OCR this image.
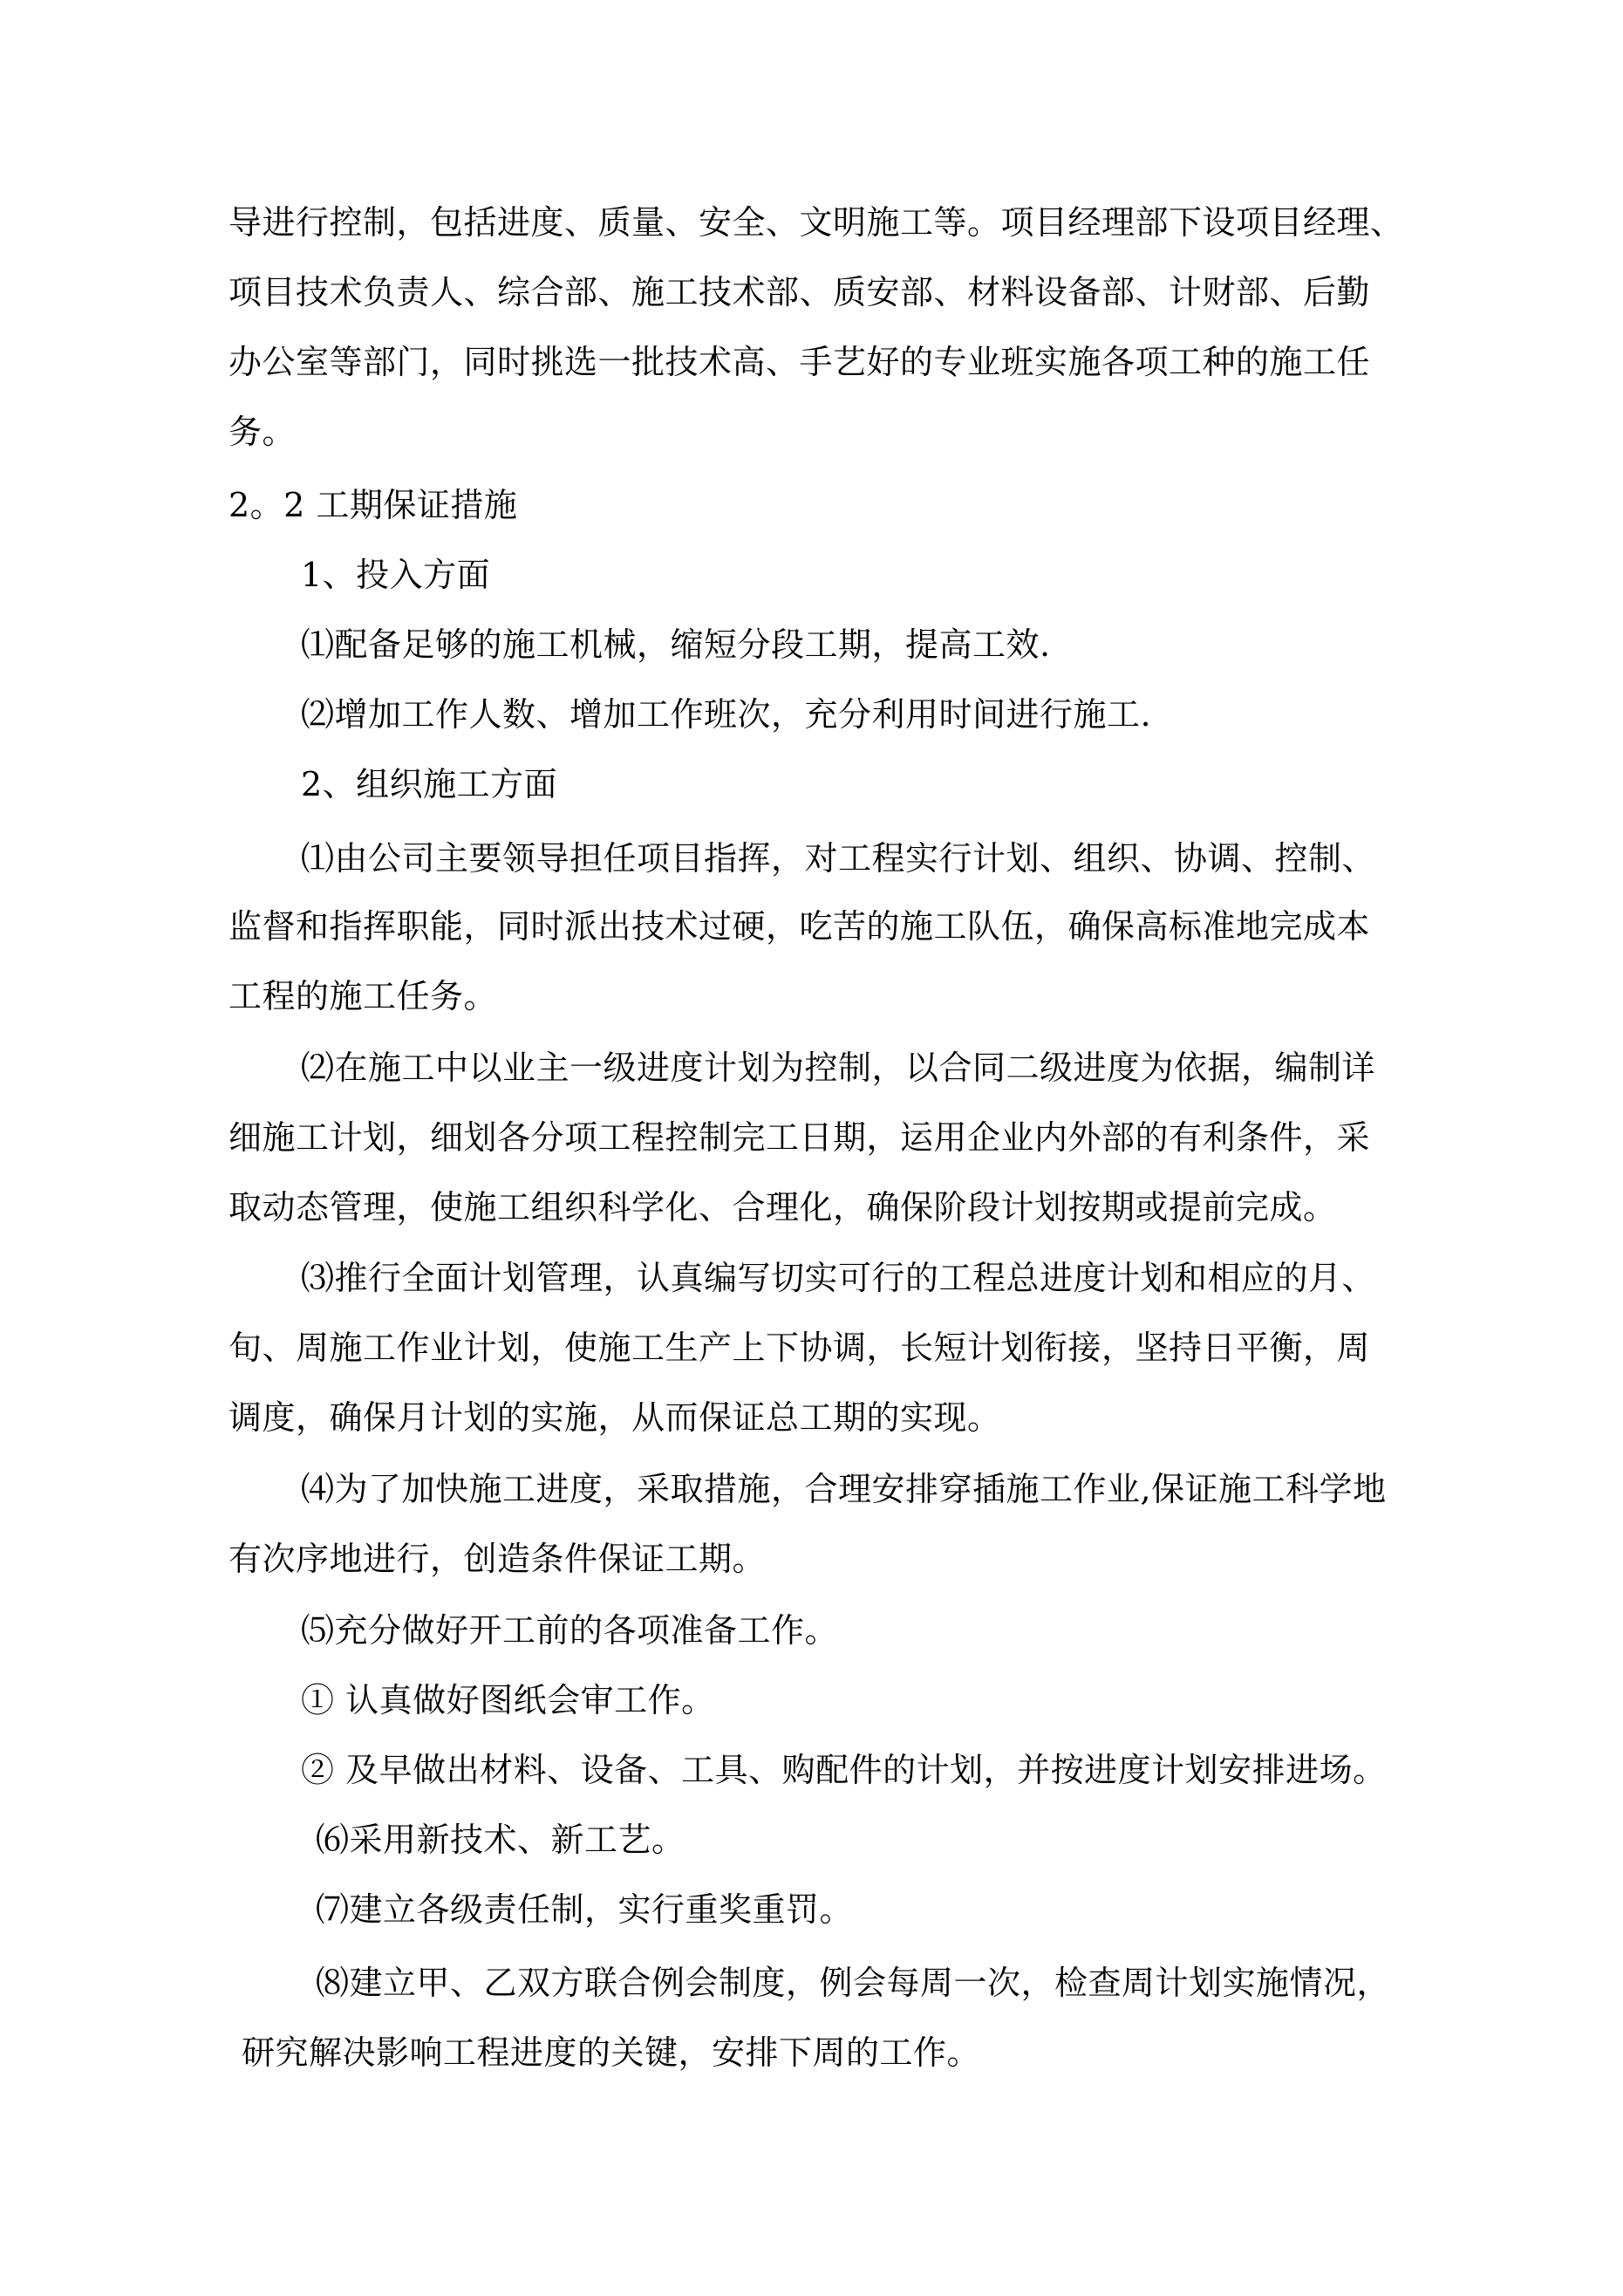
导进行控制，包括进度、质量、安全、文明施工等。项目经理部下设项目经理、
项目技术负责人、综合部、施工技术部、质安部、材料设备部、计财部、后勤
办公室等部门，同时挑选一批技术高、手艺好的专业班实施各项工种的施工任
务。
2。2 工期保证措施
1、投入方面
⑴配备足够的施工机械，缩短分段工期，提高工效.
⑵增加工作人数、增加工作班次，充分利用时间进行施工.
2、组织施工方面
⑴由公司主要领导担任项目指挥，对工程实行计划、组织、协调、控制、
监督和指挥职能，同时派出技术过硬，吃苦的施工队伍，确保高标准地完成本
工程的施工任务。
⑵在施工中以业主一级进度计划为控制，以合同二级进度为依据，编制详
细施工计划，细划各分项工程控制完工日期，运用企业内外部的有利条件，采
取动态管理，使施工组织科学化、合理化，确保阶段计划按期或提前完成。
⑶推行全面计划管理，认真编写切实可行的工程总进度计划和相应的月、
旬、周施工作业计划，使施工生产上下协调，长短计划衔接，坚持日平衡，周
调度，确保月计划的实施，从而保证总工期的实现。
⑷为了加快施工进度，采取措施，合理安排穿插施工作业,保证施工科学地
有次序地进行，创造条件保证工期。
⑸充分做好开工前的各项准备工作。
① 认真做好图纸会审工作。
② 及早做出材料、设备、工具、购配件的计划，并按进度计划安排进场。
⑹采用新技术、新工艺。
⑺建立各级责任制，实行重奖重罚。
⑻建立甲、乙双方联合例会制度，例会每周一次，检查周计划实施情况，
研究解决影响工程进度的关键，安排下周的工作。
